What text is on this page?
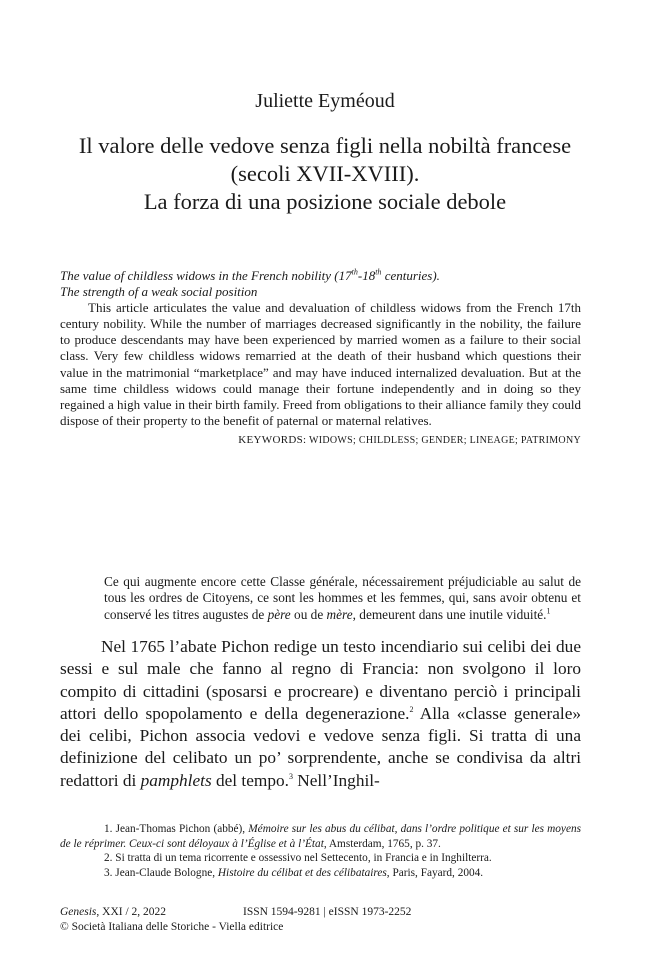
Juliette Eyméoud
Il valore delle vedove senza figli nella nobiltà francese
(secoli XVII-XVIII).
La forza di una posizione sociale debole
The value of childless widows in the French nobility (17th-18th centuries).
The strength of a weak social position

This article articulates the value and devaluation of childless widows from the French 17th century nobility. While the number of marriages decreased significantly in the nobility, the failure to produce descendants may have been experienced by married women as a failure to their social class. Very few childless widows remarried at the death of their husband which questions their value in the matrimonial “marketplace” and may have induced internalized devaluation. But at the same time childless widows could manage their fortune independently and in doing so they regained a high value in their birth family. Freed from obligations to their alliance family they could dispose of their property to the benefit of paternal or maternal relatives.

KEYWORDS: WIDOWS; CHILDLESS; GENDER; LINEAGE; PATRIMONY
Ce qui augmente encore cette Classe générale, nécessairement préjudiciable au salut de tous les ordres de Citoyens, ce sont les hommes et les femmes, qui, sans avoir obtenu et conservé les titres augustes de père ou de mère, demeurent dans une inutile viduité.$^1$

Nel 1765 l’abate Pichon redige un testo incendiario sui celibi dei due sessi e sul male che fanno al regno di Francia: non svolgono il loro compito di cittadini (sposarsi e procreare) e diventano perciò i principali attori dello spopolamento e della degenerazione.$^2$ Alla «classe generale» dei celibi, Pichon associa vedovi e vedove senza figli. Si tratta di una definizione del celibato un po’ sorprendente, anche se condivisa da altri redattori di pamphlets del tempo.$^3$ Nell’Inghil-

1. Jean-Thomas Pichon (abbé), Mémoire sur les abus du célibat, dans l’ordre politique et sur les moyens de le réprimer. Ceux-ci sont déloyaux à l’Église et à l’État, Amsterdam, 1765, p. 37.

2. Si tratta di un tema ricorrente e ossessivo nel Settecento, in Francia e in Inghilterra.

3. Jean-Claude Bologne, Histoire du célibat et des célibataires, Paris, Fayard, 2004.

Genesis, XXI / 2, 2022	ISSN 1594-9281 | eISSN 1973-2252
© Società Italiana delle Storiche - Viella editrice
